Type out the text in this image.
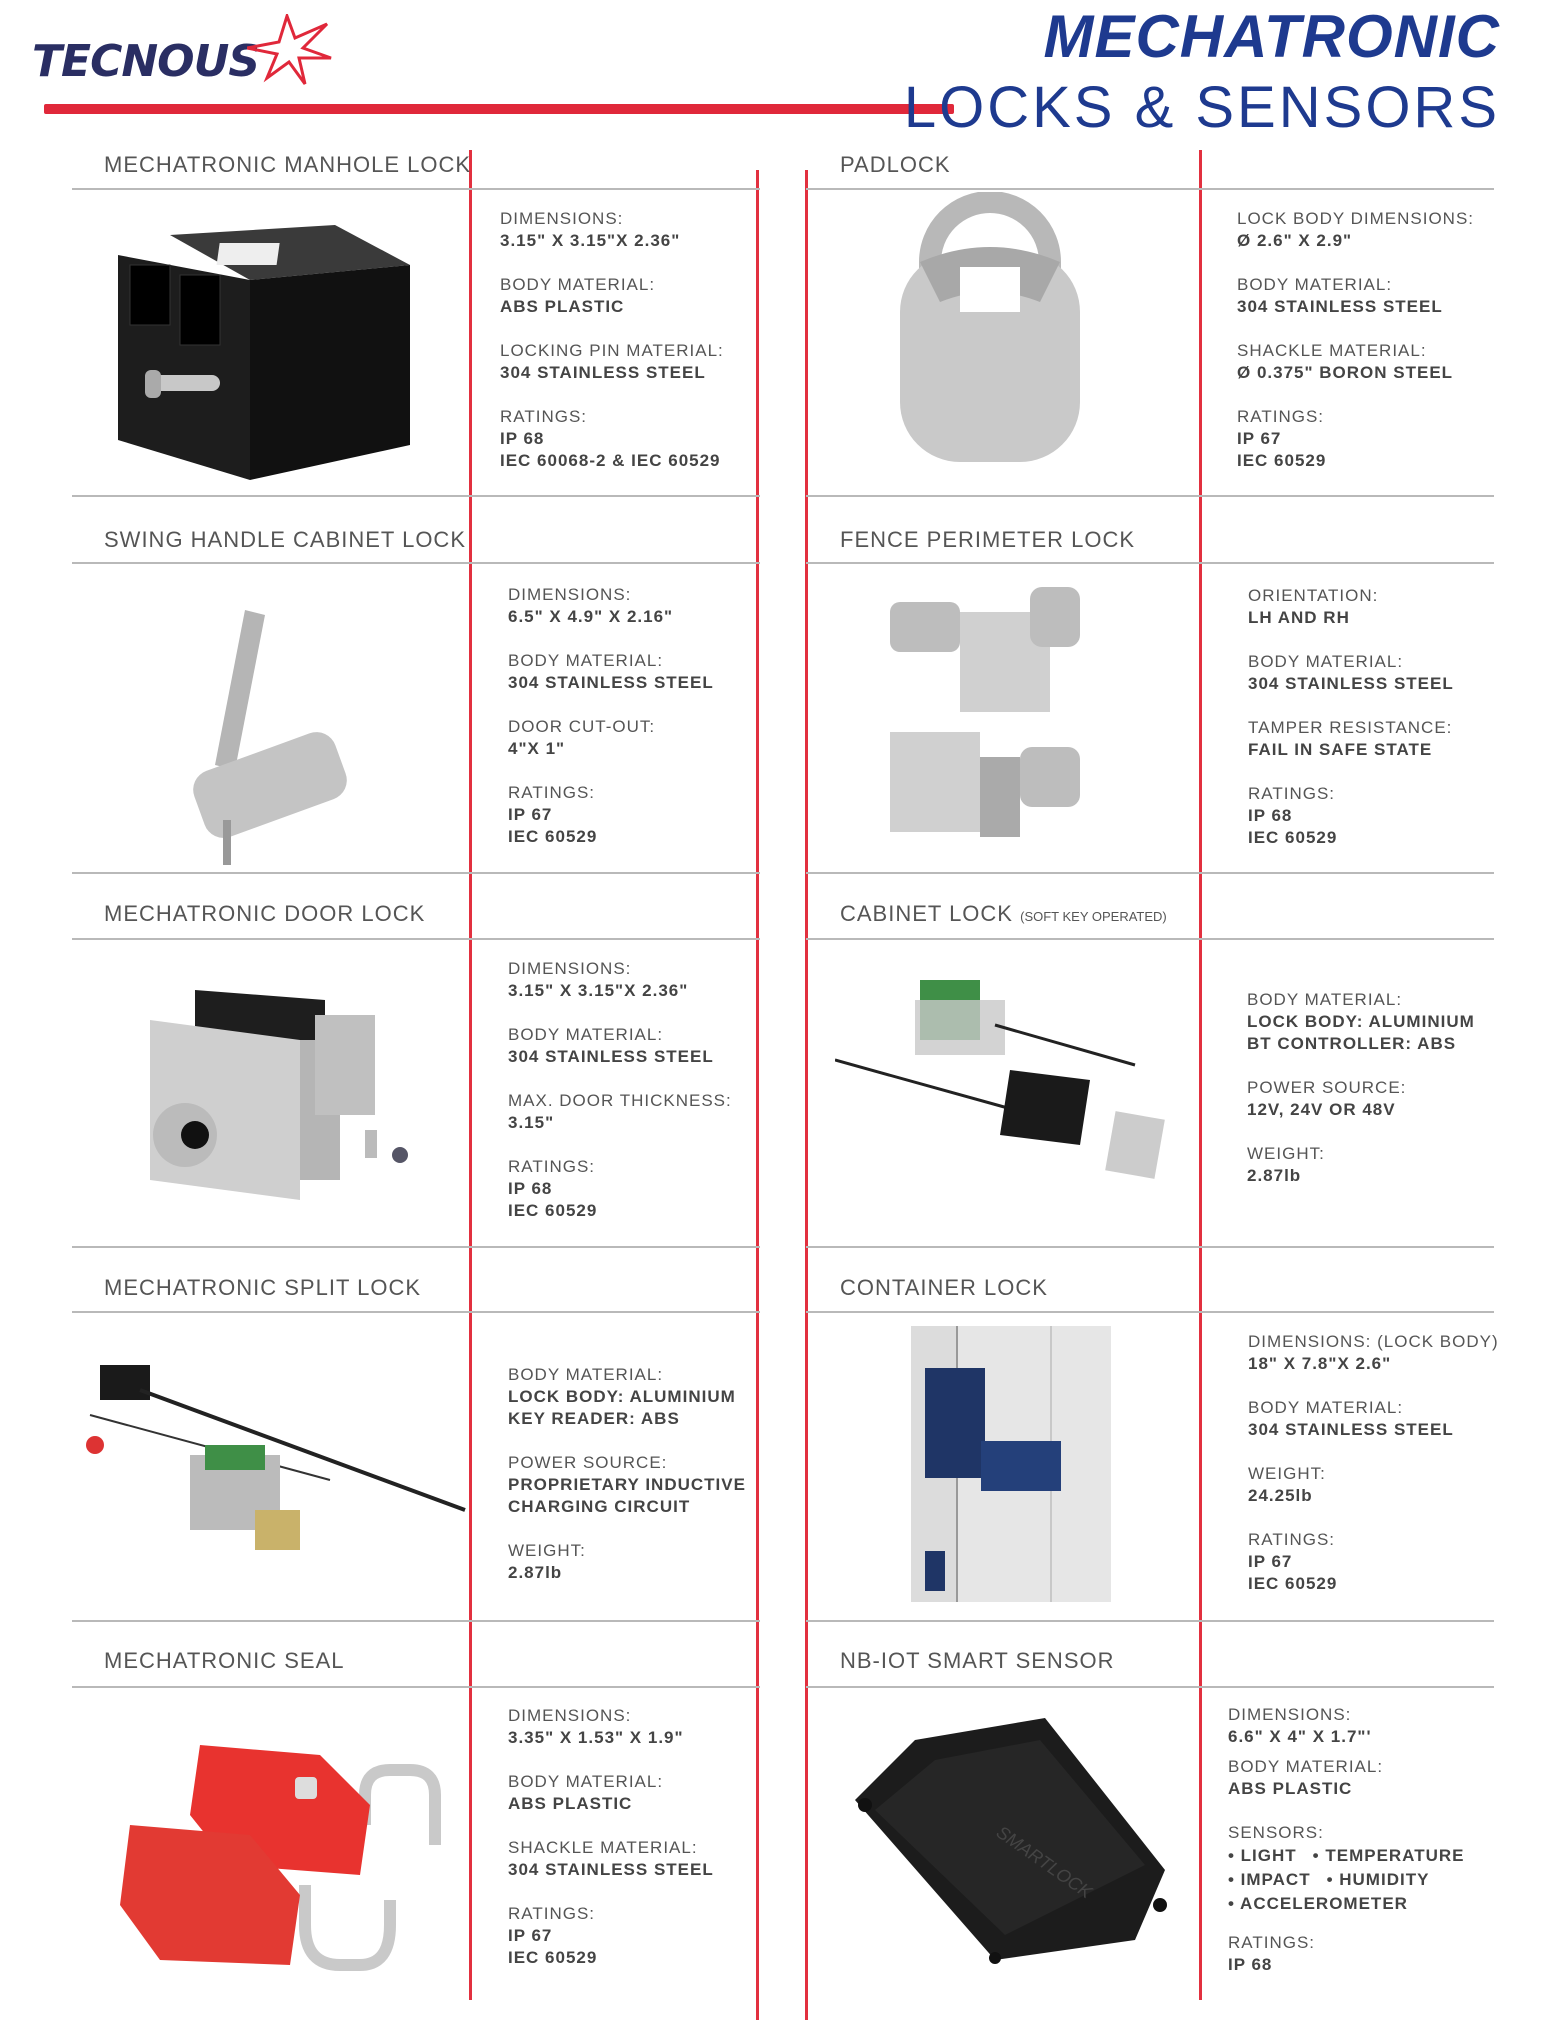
TECNOUS	MECHATRONIC
LOCKS & SENSORS
MECHATRONIC MANHOLE LOCK
DIMENSIONS:
3.15" X 3.15"X 2.36"
BODY MATERIAL:
ABS PLASTIC
LOCKING PIN MATERIAL:
304 STAINLESS STEEL
RATINGS:
IP 68
IEC 60068-2 & IEC 60529
PADLOCK
LOCK BODY DIMENSIONS:
Ø 2.6" X 2.9"
BODY MATERIAL:
304 STAINLESS STEEL
SHACKLE MATERIAL:
Ø 0.375" BORON STEEL
RATINGS:
IP 67
IEC 60529
SWING HANDLE CABINET LOCK
DIMENSIONS:
6.5" X 4.9" X 2.16"
BODY MATERIAL:
304 STAINLESS STEEL
DOOR CUT-OUT:
4"X 1"
RATINGS:
IP 67
IEC 60529
FENCE PERIMETER LOCK
ORIENTATION:
LH AND RH
BODY MATERIAL:
304 STAINLESS STEEL
TAMPER RESISTANCE:
FAIL IN SAFE STATE
RATINGS:
IP 68
IEC 60529
MECHATRONIC DOOR LOCK
DIMENSIONS:
3.15" X 3.15"X 2.36"
BODY MATERIAL:
304 STAINLESS STEEL
MAX. DOOR THICKNESS:
3.15"
RATINGS:
IP 68
IEC 60529
CABINET LOCK (SOFT KEY OPERATED)
BODY MATERIAL:
LOCK BODY: ALUMINIUM
BT CONTROLLER: ABS
POWER SOURCE:
12V, 24V OR 48V
WEIGHT:
2.87lb
MECHATRONIC SPLIT LOCK
BODY MATERIAL:
LOCK BODY: ALUMINIUM
KEY READER: ABS
POWER SOURCE:
PROPRIETARY INDUCTIVE
CHARGING CIRCUIT
WEIGHT:
2.87lb
CONTAINER LOCK
DIMENSIONS: (LOCK BODY)
18" X 7.8"X 2.6"
BODY MATERIAL:
304 STAINLESS STEEL
WEIGHT:
24.25lb
RATINGS:
IP 67
IEC 60529
MECHATRONIC SEAL
DIMENSIONS:
3.35" X 1.53" X 1.9"
BODY MATERIAL:
ABS PLASTIC
SHACKLE MATERIAL:
304 STAINLESS STEEL
RATINGS:
IP 67
IEC 60529
NB-IOT SMART SENSOR
SMARTLOCK
DIMENSIONS:
6.6" X 4" X 1.7"'
BODY MATERIAL:
ABS PLASTIC
SENSORS:
• LIGHT • TEMPERATURE
• IMPACT • HUMIDITY
• ACCELEROMETER
RATINGS:
IP 68
